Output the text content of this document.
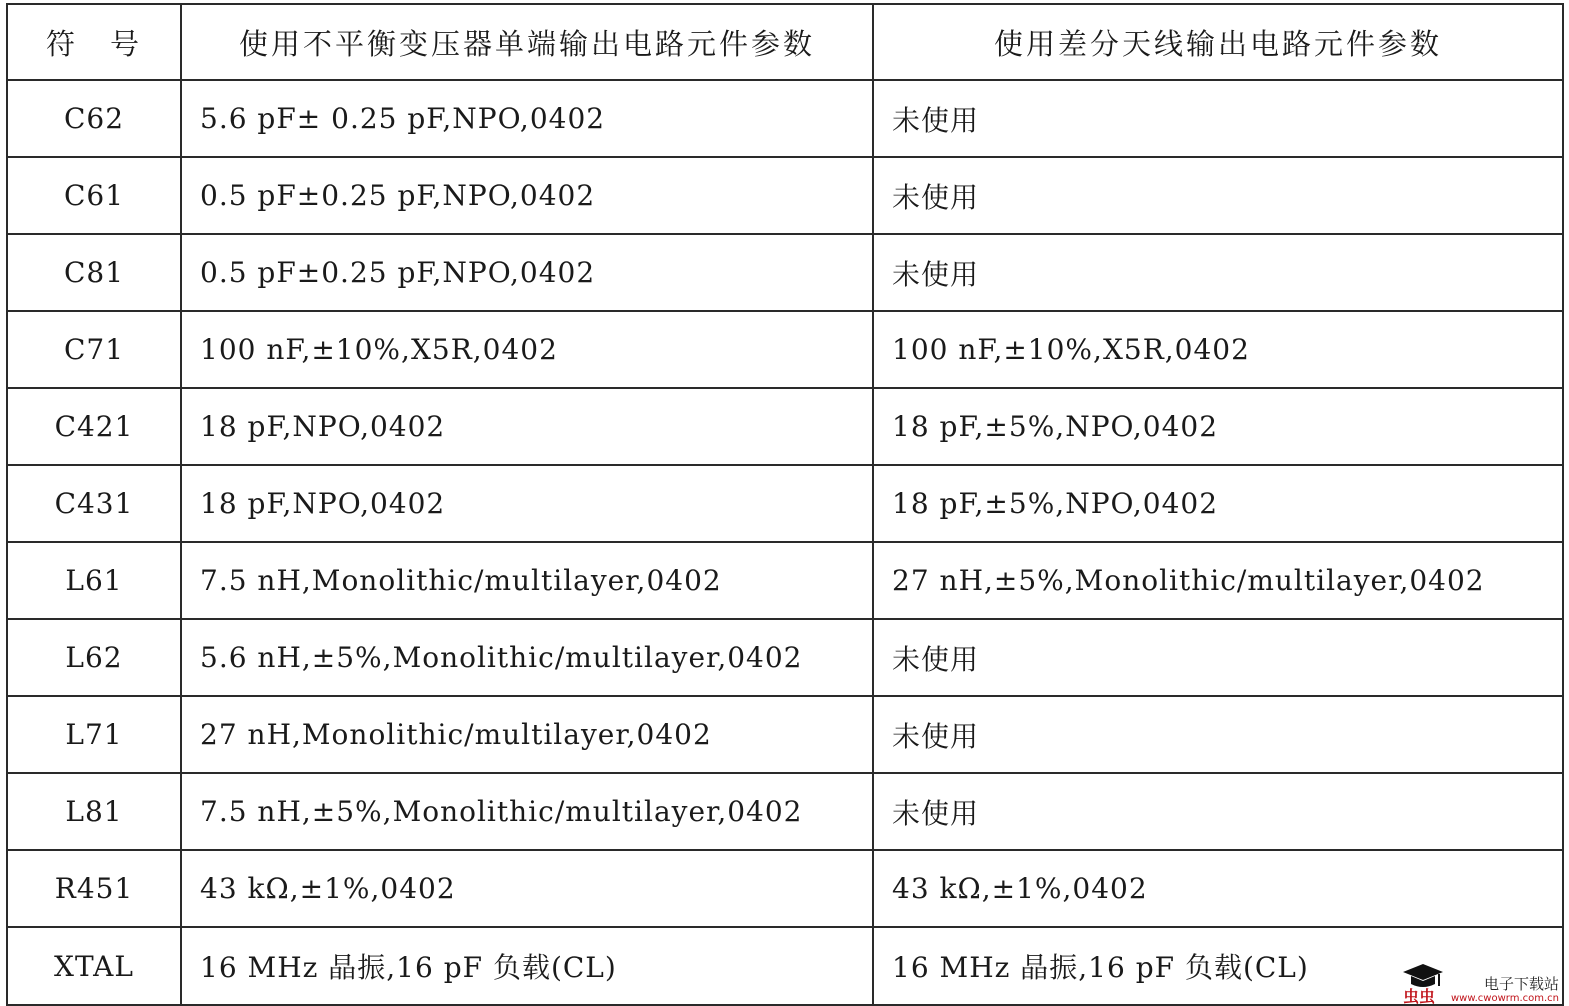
符　号	使用不平衡变压器单端输出电路元件参数	使用差分天线输出电路元件参数
C62	5.6 pF± 0.25 pF,NPO,0402	未使用
C61	0.5 pF±0.25 pF,NPO,0402	未使用
C81	0.5 pF±0.25 pF,NPO,0402	未使用
C71	100 nF,±10%,X5R,0402	100 nF,±10%,X5R,0402
C421	18 pF,NPO,0402	18 pF,±5%,NPO,0402
C431	18 pF,NPO,0402	18 pF,±5%,NPO,0402
L61	7.5 nH,Monolithic/multilayer,0402	27 nH,±5%,Monolithic/multilayer,0402
L62	5.6 nH,±5%,Monolithic/multilayer,0402	未使用
L71	27 nH,Monolithic/multilayer,0402	未使用
L81	7.5 nH,±5%,Monolithic/multilayer,0402	未使用
R451	43 kΩ,±1%,0402	43 kΩ,±1%,0402
XTAL	16 MHz 晶振,16 pF 负载(CL)	16 MHz 晶振,16 pF 负载(CL)
虫虫
电子下载站
www.cwowrm.com.cn
